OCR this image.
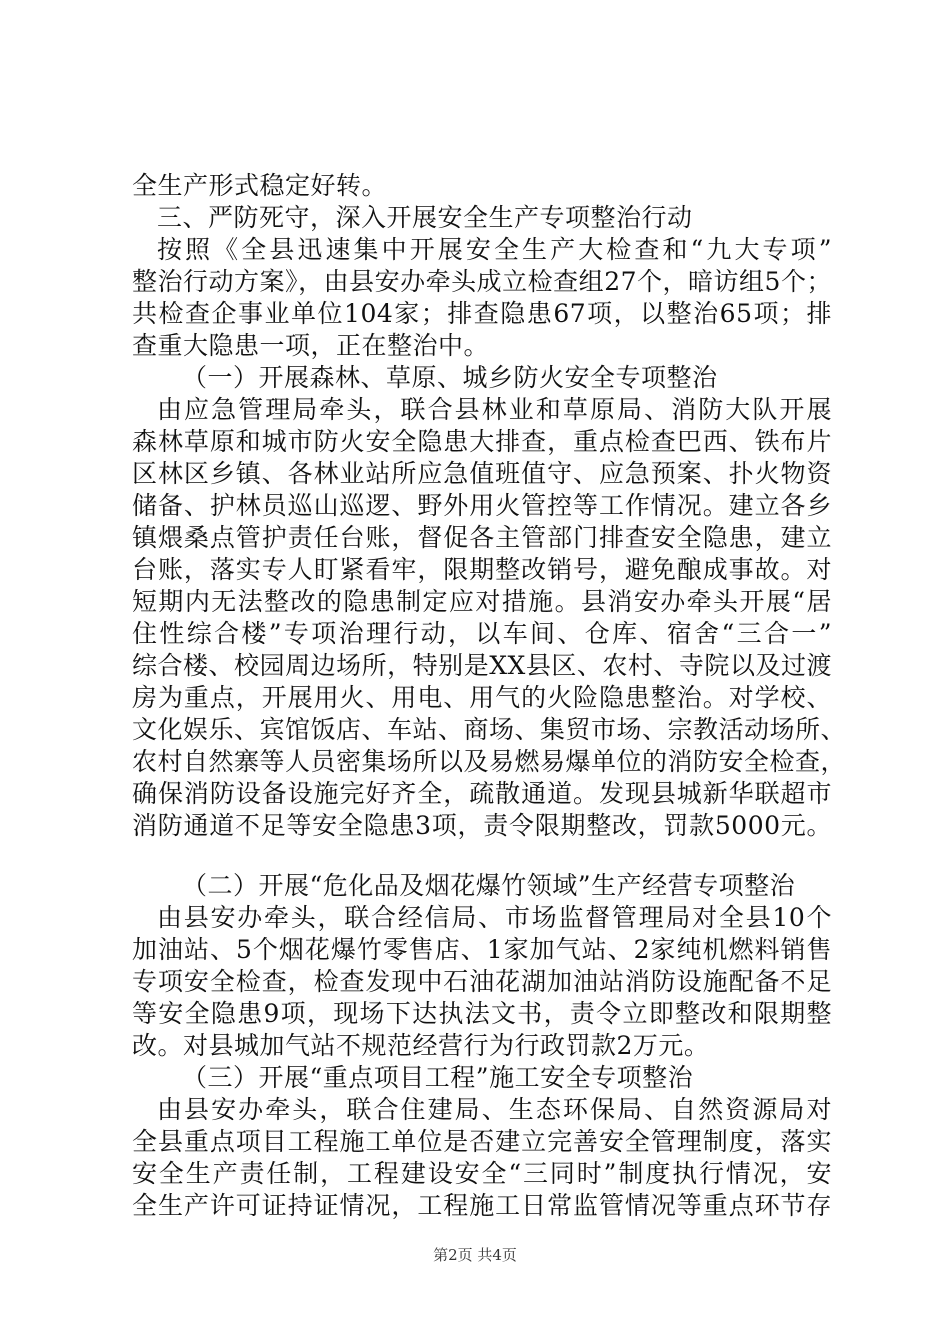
全生产形式稳定好转。
三、严防死守，深入开展安全生产专项整治行动
按照《全县迅速集中开展安全生产大检查和“九大专项”
整治行动方案》，由县安办牵头成立检查组27个，暗访组5个；
共检查企事业单位104家；排查隐患67项，以整治65项；排
查重大隐患一项，正在整治中。
（一）开展森林、草原、城乡防火安全专项整治
由应急管理局牵头，联合县林业和草原局、消防大队开展
森林草原和城市防火安全隐患大排查，重点检查巴西、铁布片
区林区乡镇、各林业站所应急值班值守、应急预案、扑火物资
储备、护林员巡山巡逻、野外用火管控等工作情况。建立各乡
镇煨桑点管护责任台账，督促各主管部门排查安全隐患，建立
台账，落实专人盯紧看牢，限期整改销号，避免酿成事故。对
短期内无法整改的隐患制定应对措施。县消安办牵头开展“居
住性综合楼”专项治理行动，以车间、仓库、宿舍“三合一”
综合楼、校园周边场所，特别是XX县区、农村、寺院以及过渡
房为重点，开展用火、用电、用气的火险隐患整治。对学校、
文化娱乐、宾馆饭店、车站、商场、集贸市场、宗教活动场所、
农村自然寨等人员密集场所以及易燃易爆单位的消防安全检查，
确保消防设备设施完好齐全，疏散通道。发现县城新华联超市
消防通道不足等安全隐患3项，责令限期整改，罚款5000元。
（二）开展“危化品及烟花爆竹领域”生产经营专项整治
由县安办牵头，联合经信局、市场监督管理局对全县10个
加油站、5个烟花爆竹零售店、1家加气站、2家纯机燃料销售
专项安全检查，检查发现中石油花湖加油站消防设施配备不足
等安全隐患9项，现场下达执法文书，责令立即整改和限期整
改。对县城加气站不规范经营行为行政罚款2万元。
（三）开展“重点项目工程”施工安全专项整治
由县安办牵头，联合住建局、生态环保局、自然资源局对
全县重点项目工程施工单位是否建立完善安全管理制度，落实
安全生产责任制，工程建设安全“三同时”制度执行情况，安
全生产许可证持证情况，工程施工日常监管情况等重点环节存
第2页 共4页
